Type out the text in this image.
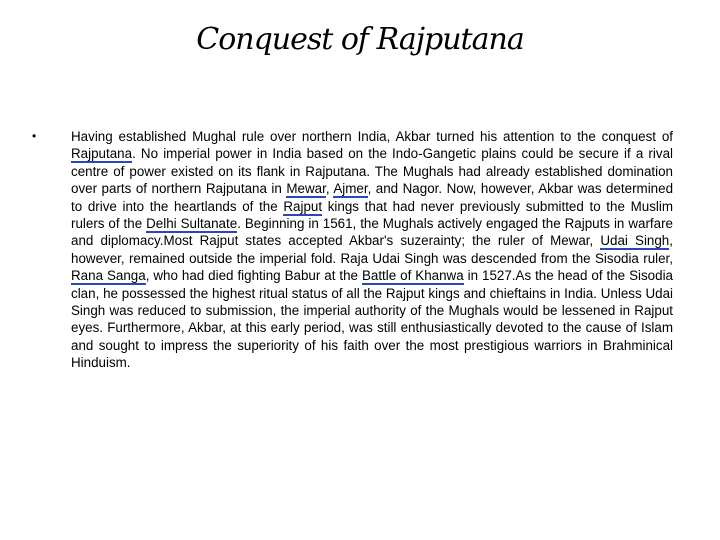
Conquest of Rajputana
•	Having established Mughal rule over northern India, Akbar turned his attention to the conquest of Rajputana. No imperial power in India based on the Indo-Gangetic plains could be secure if a rival centre of power existed on its flank in Rajputana. The Mughals had already established domination over parts of northern Rajputana in Mewar, Ajmer, and Nagor. Now, however, Akbar was determined to drive into the heartlands of the Rajput kings that had never previously submitted to the Muslim rulers of the Delhi Sultanate. Beginning in 1561, the Mughals actively engaged the Rajputs in warfare and diplomacy.Most Rajput states accepted Akbar's suzerainty; the ruler of Mewar, Udai Singh, however, remained outside the imperial fold. Raja Udai Singh was descended from the Sisodia ruler, Rana Sanga, who had died fighting Babur at the Battle of Khanwa in 1527.As the head of the Sisodia clan, he possessed the highest ritual status of all the Rajput kings and chieftains in India. Unless Udai Singh was reduced to submission, the imperial authority of the Mughals would be lessened in Rajput eyes. Furthermore, Akbar, at this early period, was still enthusiastically devoted to the cause of Islam and sought to impress the superiority of his faith over the most prestigious warriors in Brahminical Hinduism.
